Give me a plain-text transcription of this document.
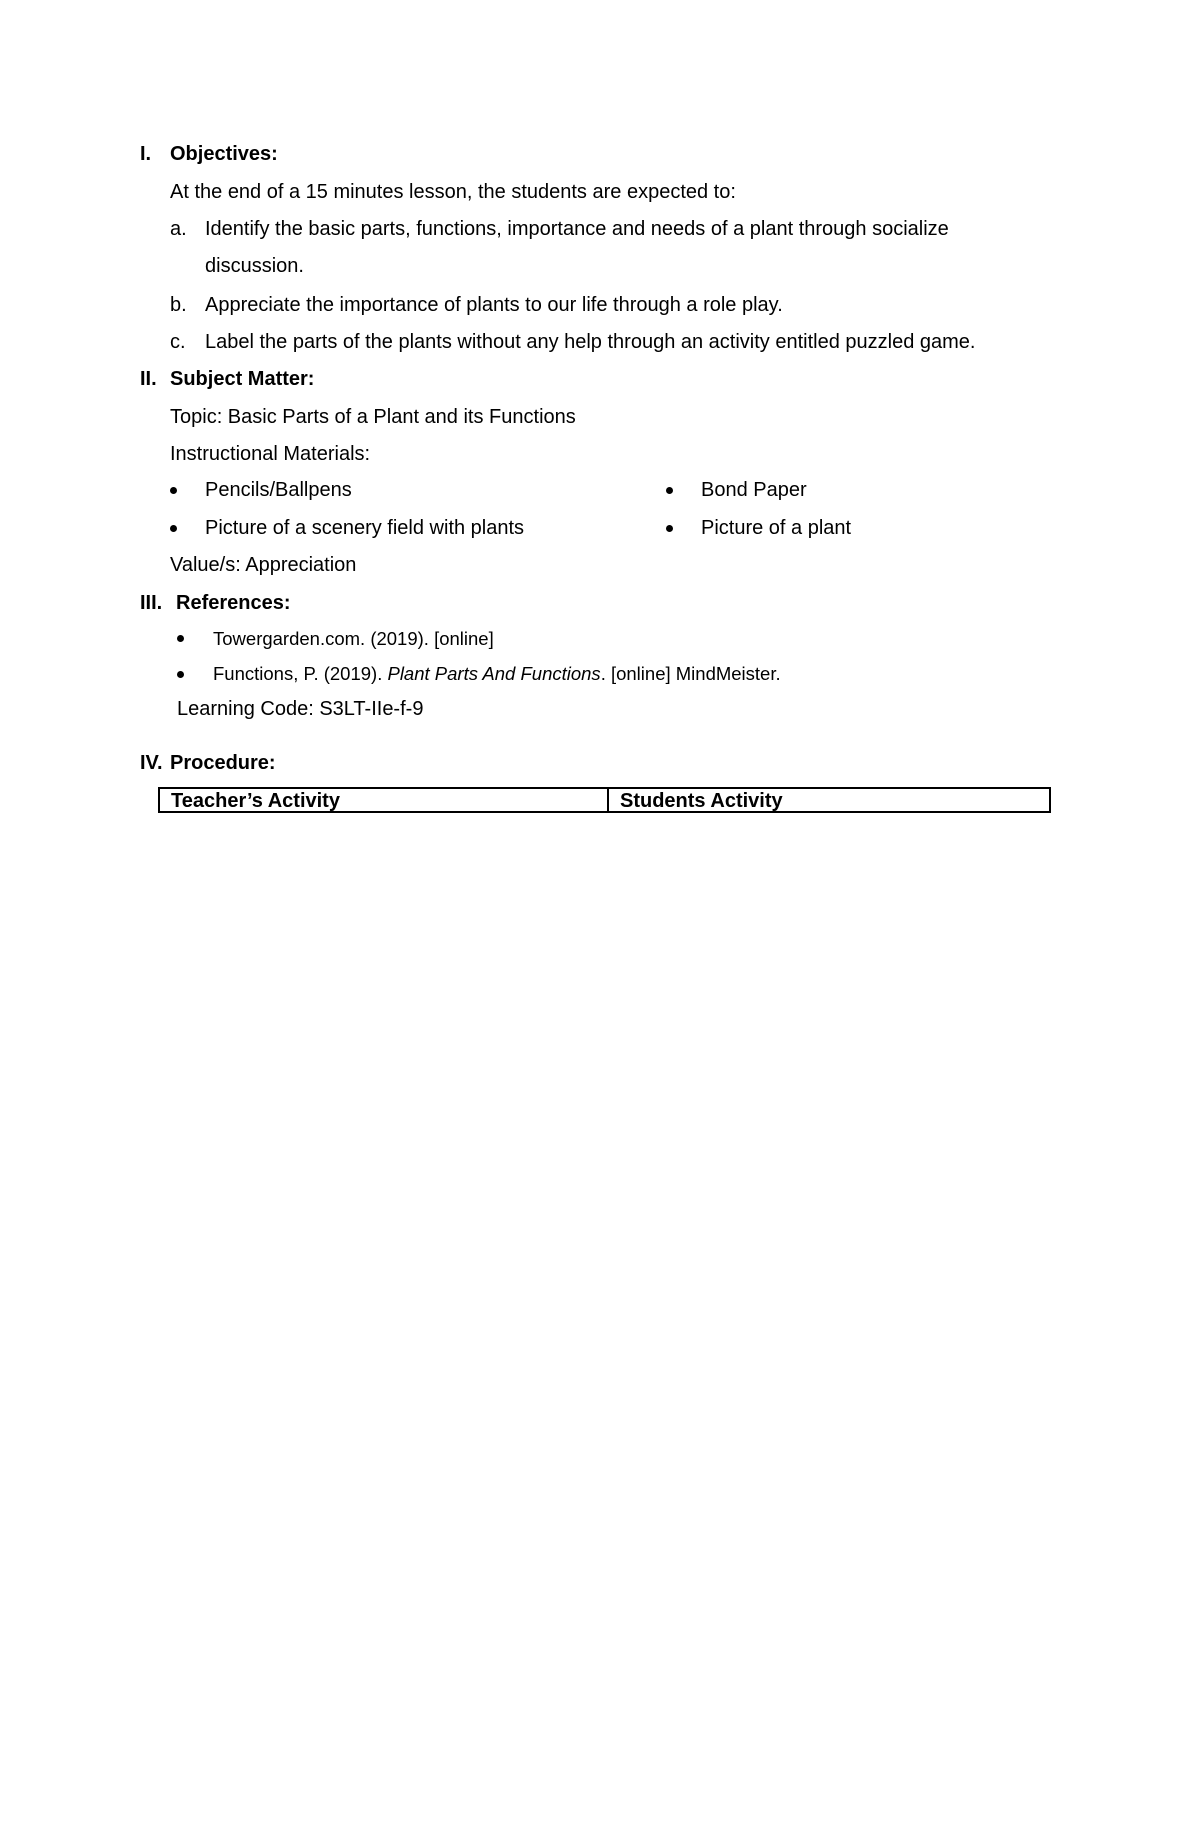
I. Objectives:
At the end of a 15 minutes lesson, the students are expected to:
a. Identify the basic parts, functions, importance and needs of a plant through socialize
discussion.
b. Appreciate the importance of plants to our life through a role play.
c. Label the parts of the plants without any help through an activity entitled puzzled game.
II. Subject Matter:
Topic: Basic Parts of a Plant and its Functions
Instructional Materials:
Pencils/Ballpens	Bond Paper
Picture of a scenery field with plants	Picture of a plant
Value/s: Appreciation
III. References:
Towergarden.com. (2019). [online]
Functions, P. (2019). Plant Parts And Functions. [online] MindMeister.
Learning Code: S3LT-IIe-f-9
IV. Procedure:
Teacher’s Activity	Students Activity
